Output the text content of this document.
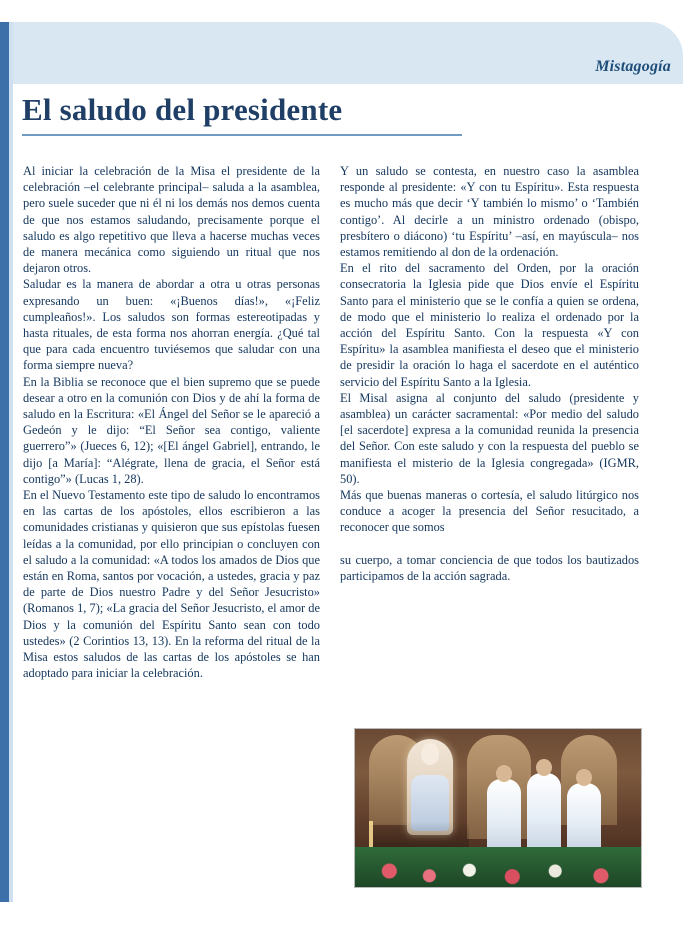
Mistagogía
El saludo del presidente

Al iniciar la celebración de la Misa el presidente de la celebración –el celebrante principal– saluda a la asamblea, pero suele suceder que ni él ni los demás nos demos cuenta de que nos estamos saludando, precisamente porque el saludo es algo repetitivo que lleva a hacerse muchas veces de manera mecánica como siguiendo un ritual que nos dejaron otros.

Saludar es la manera de abordar a otra u otras personas expresando un buen: «¡Buenos días!», «¡Feliz cumpleaños!». Los saludos son formas estereotipadas y hasta rituales, de esta forma nos ahorran energía. ¿Qué tal que para cada encuentro tuviésemos que saludar con una forma siempre nueva?

En la Biblia se reconoce que el bien supremo que se puede desear a otro en la comunión con Dios y de ahí la forma de saludo en la Escritura: «El Ángel del Señor se le apareció a Gedeón y le dijo: “El Señor sea contigo, valiente guerrero”» (Jueces 6, 12); «[El ángel Gabriel], entrando, le dijo [a María]: “Alégrate, llena de gracia, el Señor está contigo”» (Lucas 1, 28).

En el Nuevo Testamento este tipo de saludo lo encontramos en las cartas de los apóstoles, ellos escribieron a las comunidades cristianas y quisieron que sus epístolas fuesen leídas a la comunidad, por ello principian o concluyen con el saludo a la comunidad: «A todos los amados de Dios que están en Roma, santos por vocación, a ustedes, gracia y paz de parte de Dios nuestro Padre y del Señor Jesucristo» (Romanos 1, 7); «La gracia del Señor Jesucristo, el amor de Dios y la comunión del Espíritu Santo sean con todo ustedes» (2 Corintios 13, 13). En la reforma del ritual de la Misa estos saludos de las cartas de los apóstoles se han adoptado para iniciar la celebración.

Y un saludo se contesta, en nuestro caso la asamblea responde al presidente: «Y con tu Espíritu». Esta respuesta es mucho más que decir ‘Y también lo mismo’ o ‘También contigo’. Al decirle a un ministro ordenado (obispo, presbítero o diácono) ‘tu Espíritu’ –así, en mayúscula– nos estamos remitiendo al don de la ordenación.

En el rito del sacramento del Orden, por la oración consecratoria la Iglesia pide que Dios envíe el Espíritu Santo para el ministerio que se le confía a quien se ordena, de modo que el ministerio lo realiza el ordenado por la acción del Espíritu Santo. Con la respuesta «Y con Espíritu» la asamblea manifiesta el deseo que el ministerio de presidir la oración lo haga el sacerdote en el auténtico servicio del Espíritu Santo a la Iglesia.

El Misal asigna al conjunto del saludo (presidente y asamblea) un carácter sacramental: «Por medio del saludo [el sacerdote] expresa a la comunidad reunida la presencia del Señor. Con este saludo y con la respuesta del pueblo se manifiesta el misterio de la Iglesia congregada» (IGMR, 50).

Más que buenas maneras o cortesía, el saludo litúrgico nos conduce a acoger la presencia del Señor resucitado, a reconocer que somos

su cuerpo, a tomar conciencia de que todos los bautizados participamos de la acción sagrada.
